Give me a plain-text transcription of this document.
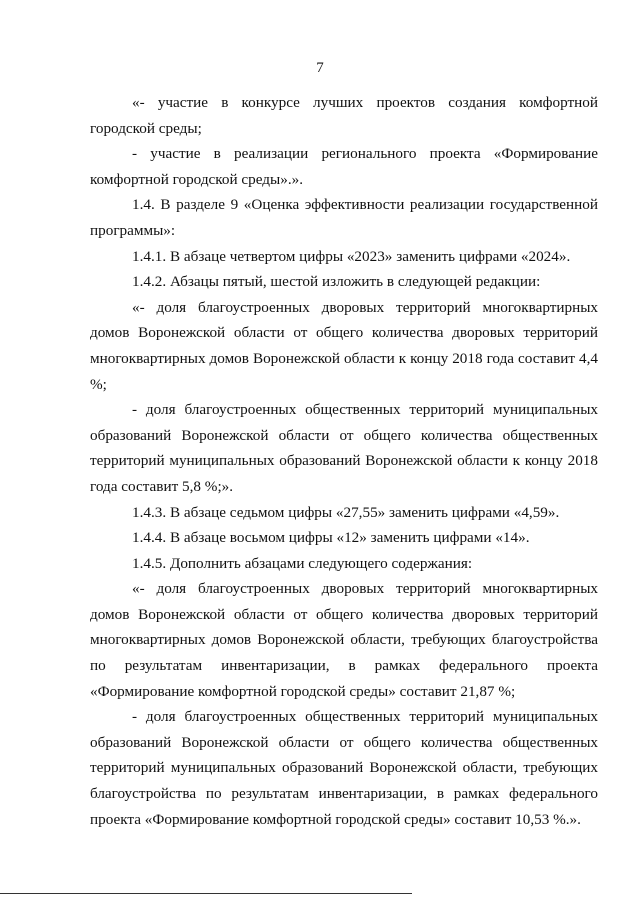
7

«- участие в конкурсе лучших проектов создания комфортной городской среды;

- участие в реализации регионального проекта «Формирование комфортной городской среды».».

1.4. В разделе 9 «Оценка эффективности реализации государственной программы»:

1.4.1. В абзаце четвертом цифры «2023» заменить цифрами «2024».

1.4.2. Абзацы пятый, шестой изложить в следующей редакции:

«- доля благоустроенных дворовых территорий многоквартирных домов Воронежской области от общего количества дворовых территорий многоквартирных домов Воронежской области к концу 2018 года составит 4,4 %;

- доля благоустроенных общественных территорий муниципальных образований Воронежской области от общего количества общественных территорий муниципальных образований Воронежской области к концу 2018 года составит 5,8 %;».

1.4.3. В абзаце седьмом цифры «27,55» заменить цифрами «4,59».

1.4.4. В абзаце восьмом цифры «12» заменить цифрами «14».

1.4.5. Дополнить абзацами следующего содержания:

«- доля благоустроенных дворовых территорий многоквартирных домов Воронежской области от общего количества дворовых территорий многоквартирных домов Воронежской области, требующих благоустройства по результатам инвентаризации, в рамках федерального проекта «Формирование комфортной городской среды» составит 21,87 %;

- доля благоустроенных общественных территорий муниципальных образований Воронежской области от общего количества общественных территорий муниципальных образований Воронежской области, требующих благоустройства по результатам инвентаризации, в рамках федерального проекта «Формирование комфортной городской среды» составит 10,53 %.».
